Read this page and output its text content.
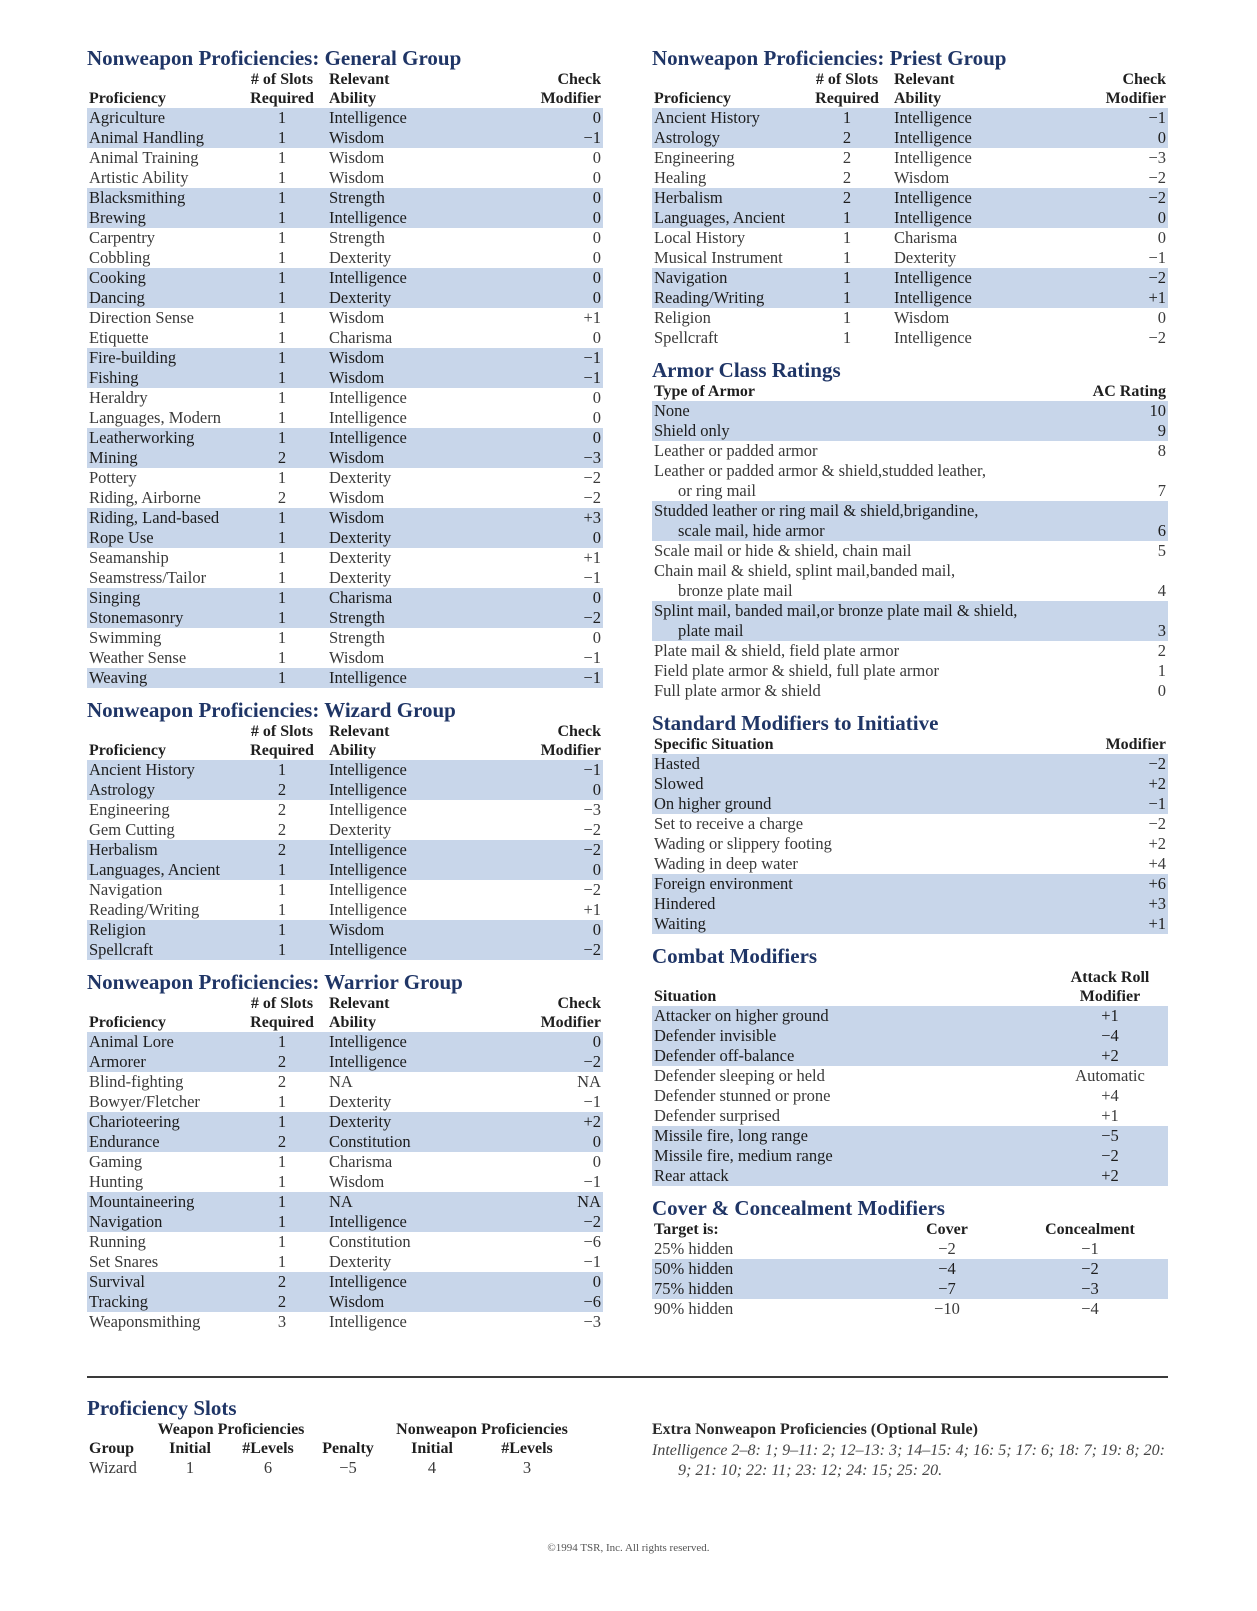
Nonweapon Proficiencies: General Group
	# of Slots	Relevant	Check
Proficiency	Required	Ability	Modifier
Agriculture	1	Intelligence	0
Animal Handling	1	Wisdom	−1
Animal Training	1	Wisdom	0
Artistic Ability	1	Wisdom	0
Blacksmithing	1	Strength	0
Brewing	1	Intelligence	0
Carpentry	1	Strength	0
Cobbling	1	Dexterity	0
Cooking	1	Intelligence	0
Dancing	1	Dexterity	0
Direction Sense	1	Wisdom	+1
Etiquette	1	Charisma	0
Fire-building	1	Wisdom	−1
Fishing	1	Wisdom	−1
Heraldry	1	Intelligence	0
Languages, Modern	1	Intelligence	0
Leatherworking	1	Intelligence	0
Mining	2	Wisdom	−3
Pottery	1	Dexterity	−2
Riding, Airborne	2	Wisdom	−2
Riding, Land-based	1	Wisdom	+3
Rope Use	1	Dexterity	0
Seamanship	1	Dexterity	+1
Seamstress/Tailor	1	Dexterity	−1
Singing	1	Charisma	0
Stonemasonry	1	Strength	−2
Swimming	1	Strength	0
Weather Sense	1	Wisdom	−1
Weaving	1	Intelligence	−1
Nonweapon Proficiencies: Wizard Group
	# of Slots	Relevant	Check
Proficiency	Required	Ability	Modifier
Ancient History	1	Intelligence	−1
Astrology	2	Intelligence	0
Engineering	2	Intelligence	−3
Gem Cutting	2	Dexterity	−2
Herbalism	2	Intelligence	−2
Languages, Ancient	1	Intelligence	0
Navigation	1	Intelligence	−2
Reading/Writing	1	Intelligence	+1
Religion	1	Wisdom	0
Spellcraft	1	Intelligence	−2
Nonweapon Proficiencies: Warrior Group
	# of Slots	Relevant	Check
Proficiency	Required	Ability	Modifier
Animal Lore	1	Intelligence	0
Armorer	2	Intelligence	−2
Blind-fighting	2	NA	NA
Bowyer/Fletcher	1	Dexterity	−1
Charioteering	1	Dexterity	+2
Endurance	2	Constitution	0
Gaming	1	Charisma	0
Hunting	1	Wisdom	−1
Mountaineering	1	NA	NA
Navigation	1	Intelligence	−2
Running	1	Constitution	−6
Set Snares	1	Dexterity	−1
Survival	2	Intelligence	0
Tracking	2	Wisdom	−6
Weaponsmithing	3	Intelligence	−3
Nonweapon Proficiencies: Priest Group
	# of Slots	Relevant	Check
Proficiency	Required	Ability	Modifier
Ancient History	1	Intelligence	−1
Astrology	2	Intelligence	0
Engineering	2	Intelligence	−3
Healing	2	Wisdom	−2
Herbalism	2	Intelligence	−2
Languages, Ancient	1	Intelligence	0
Local History	1	Charisma	0
Musical Instrument	1	Dexterity	−1
Navigation	1	Intelligence	−2
Reading/Writing	1	Intelligence	+1
Religion	1	Wisdom	0
Spellcraft	1	Intelligence	−2
Armor Class Ratings
Type of Armor	AC Rating
None	10
Shield only	9
Leather or padded armor	8
Leather or padded armor & shield,studded leather,	
or ring mail	7
Studded leather or ring mail & shield,brigandine,	
scale mail, hide armor	6
Scale mail or hide & shield, chain mail	5
Chain mail & shield, splint mail,banded mail,	
bronze plate mail	4
Splint mail, banded mail,or bronze plate mail & shield,	
plate mail	3
Plate mail & shield, field plate armor	2
Field plate armor & shield, full plate armor	1
Full plate armor & shield	0
Standard Modifiers to Initiative
Specific Situation	Modifier
Hasted	−2
Slowed	+2
On higher ground	−1
Set to receive a charge	−2
Wading or slippery footing	+2
Wading in deep water	+4
Foreign environment	+6
Hindered	+3
Waiting	+1
Combat Modifiers
	Attack Roll
Situation	Modifier
Attacker on higher ground	+1
Defender invisible	−4
Defender off-balance	+2
Defender sleeping or held	Automatic
Defender stunned or prone	+4
Defender surprised	+1
Missile fire, long range	−5
Missile fire, medium range	−2
Rear attack	+2
Cover & Concealment Modifiers
Target is:	Cover	Concealment
25% hidden	−2	−1
50% hidden	−4	−2
75% hidden	−7	−3
90% hidden	−10	−4
Proficiency Slots
	Weapon Proficiencies			Nonweapon Proficiencies	
Group	Initial	#Levels	Penalty	Initial	#Levels
Wizard	1	6	−5	4	3

Extra Nonweapon Proficiencies (Optional Rule)

Intelligence 2–8: 1; 9–11: 2; 12–13: 3; 14–15: 4; 16: 5; 17: 6; 18: 7; 19: 8; 20: 9; 21: 10; 22: 11; 23: 12; 24: 15; 25: 20.

©1994 TSR, Inc. All rights reserved.
